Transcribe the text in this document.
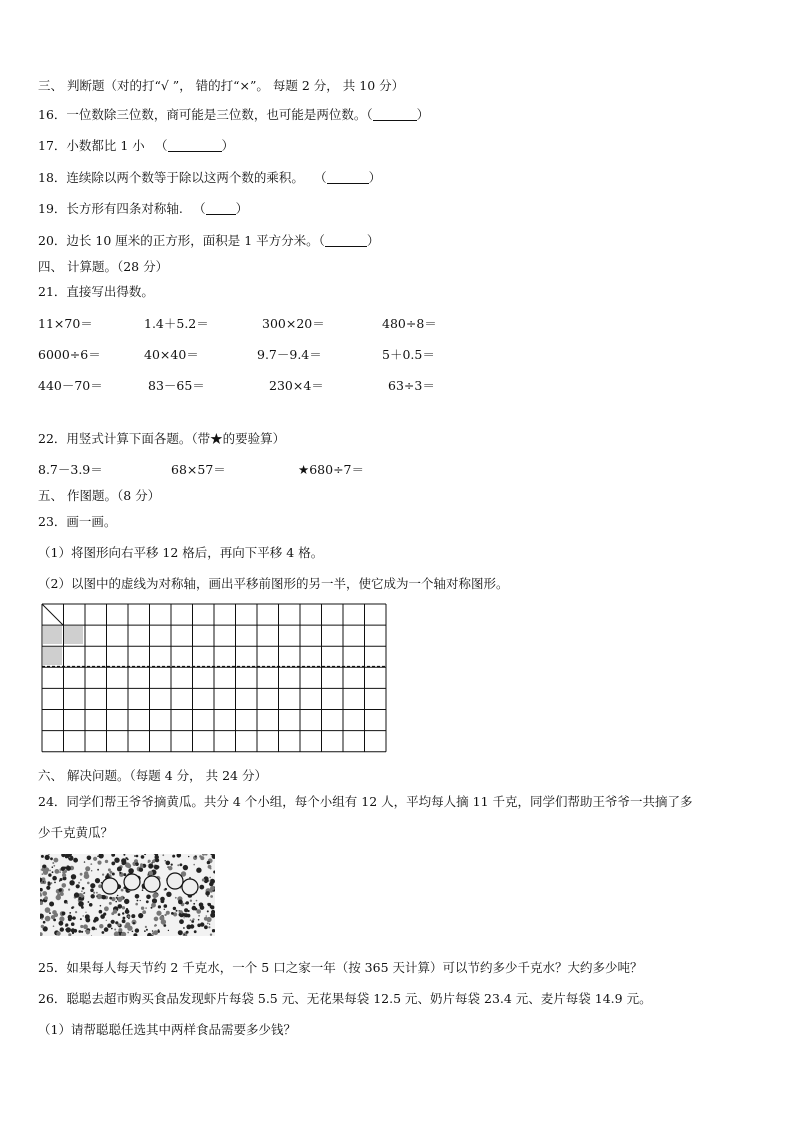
三、 判断题（对的打“√ ”， 错的打“×”。 每题 2 分， 共 10 分）
16．一位数除三位数，商可能是三位数，也可能是两位数。（	）
17．小数都比 1 小 　（	）
18．连续除以两个数等于除以这两个数的乘积。 　（	）
19．长方形有四条对称轴. 　（ ）
20．边长 10 厘米的正方形，面积是 1 平方分米。（	）
四、 计算题。（28 分）
21．直接写出得数。
11×70＝	1.4＋5.2＝	300×20＝	480÷8＝
6000÷6＝	40×40＝	9.7－9.4＝	5＋0.5＝
440－70＝	83－65＝	230×4＝	63÷3＝
22．用竖式计算下面各题。（带★的要验算）
8.7－3.9＝	68×57＝	★680÷7＝
五、 作图题。（8 分）
23．画一画。
（1）将图形向右平移 12 格后，再向下平移 4 格。
（2）以图中的虚线为对称轴，画出平移前图形的另一半，使它成为一个轴对称图形。
六、 解决问题。（每题 4 分， 共 24 分）
24．同学们帮王爷爷摘黄瓜。共分 4 个小组，每个小组有 12 人，平均每人摘 11 千克，同学们帮助王爷爷一共摘了多
少千克黄瓜？
25．如果每人每天节约 2 千克水，一个 5 口之家一年（按 365 天计算）可以节约多少千克水？大约多少吨？
26．聪聪去超市购买食品发现虾片每袋 5.5 元、无花果每袋 12.5 元、奶片每袋 23.4 元、麦片每袋 14.9 元。
（1）请帮聪聪任选其中两样食品需要多少钱？
